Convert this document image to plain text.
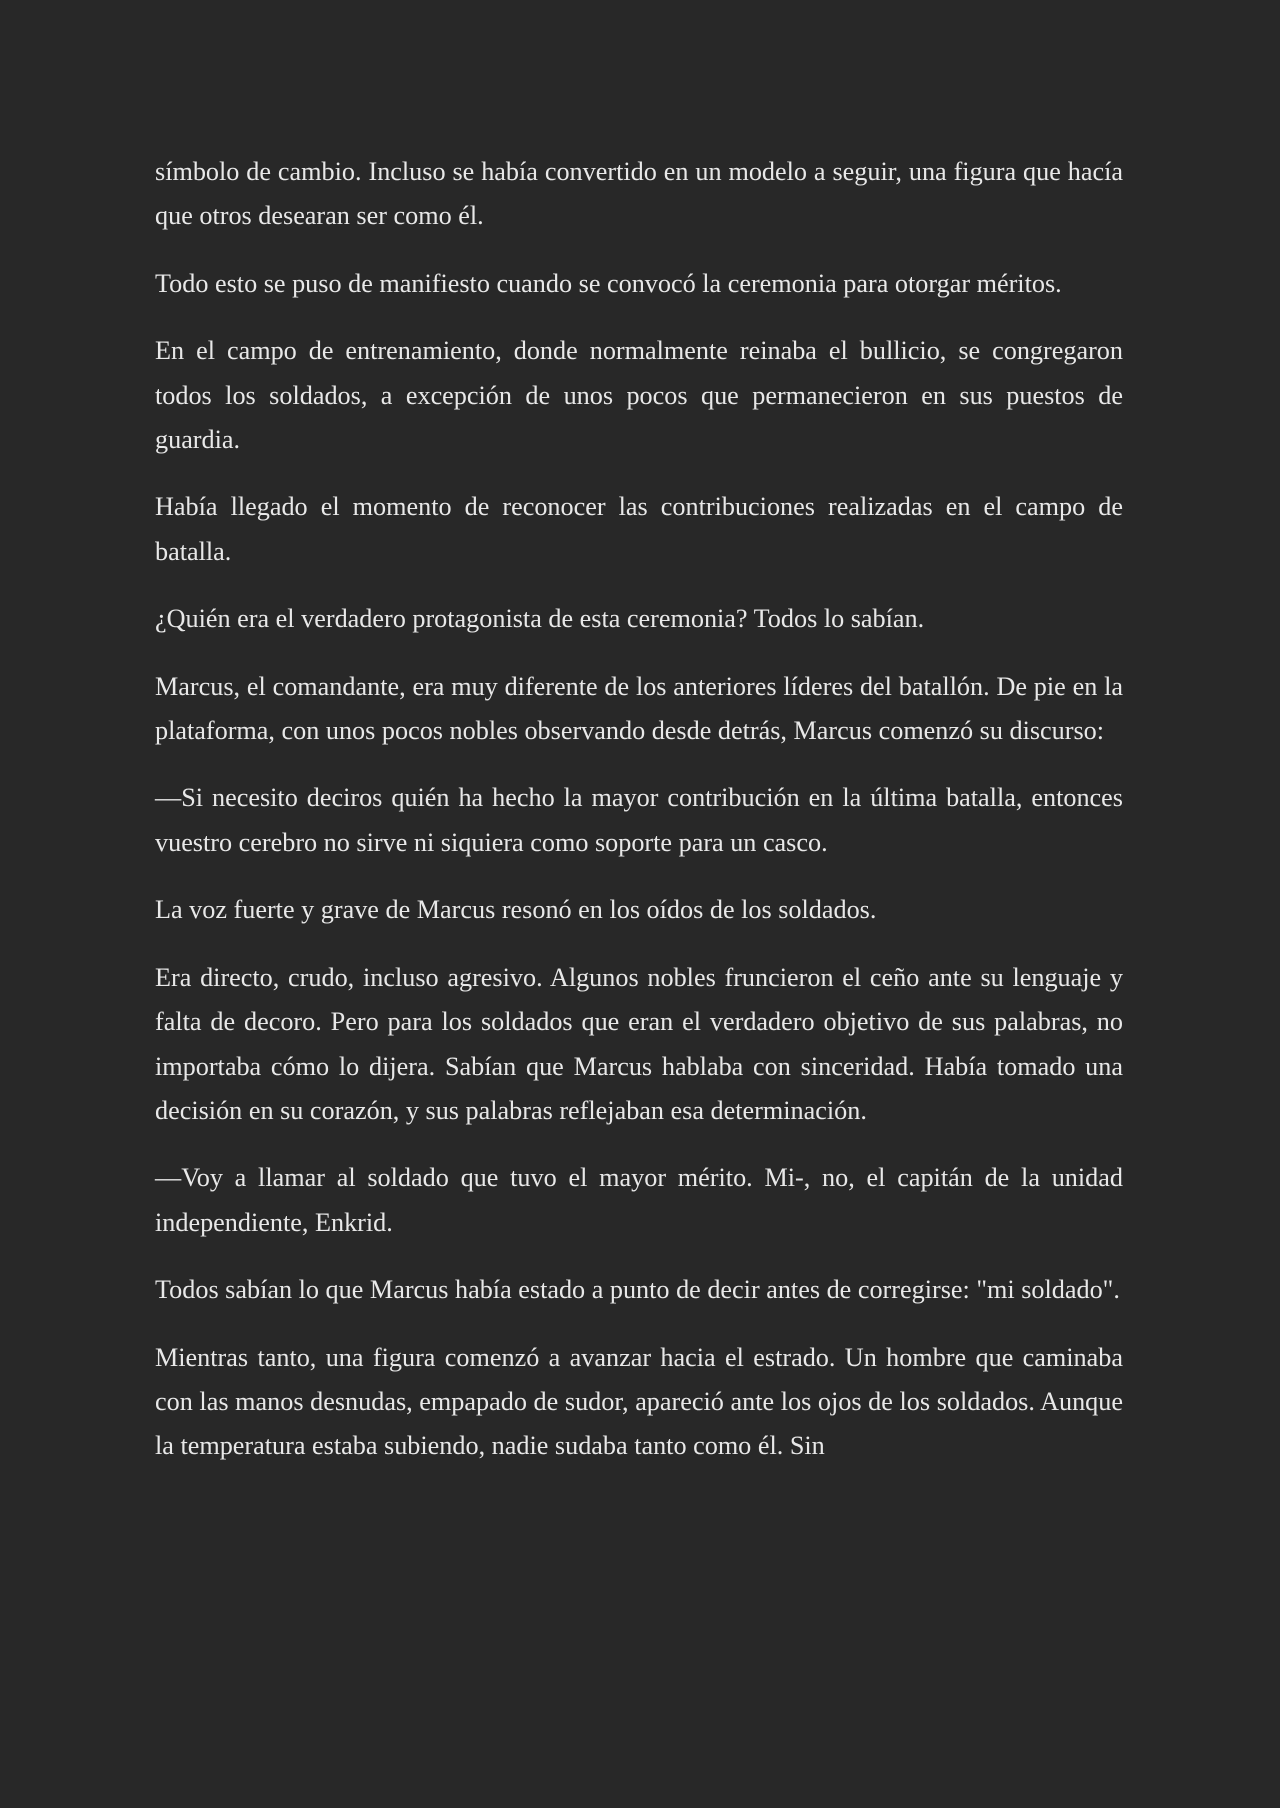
símbolo de cambio. Incluso se había convertido en un modelo a seguir, una figura que hacía que otros desearan ser como él.

Todo esto se puso de manifiesto cuando se convocó la ceremonia para otorgar méritos.

En el campo de entrenamiento, donde normalmente reinaba el bullicio, se congregaron todos los soldados, a excepción de unos pocos que permanecieron en sus puestos de guardia.

Había llegado el momento de reconocer las contribuciones realizadas en el campo de batalla.

¿Quién era el verdadero protagonista de esta ceremonia? Todos lo sabían.

Marcus, el comandante, era muy diferente de los anteriores líderes del batallón. De pie en la plataforma, con unos pocos nobles observando desde detrás, Marcus comenzó su discurso:

—Si necesito deciros quién ha hecho la mayor contribución en la última batalla, entonces vuestro cerebro no sirve ni siquiera como soporte para un casco.

La voz fuerte y grave de Marcus resonó en los oídos de los soldados.

Era directo, crudo, incluso agresivo. Algunos nobles fruncieron el ceño ante su lenguaje y falta de decoro. Pero para los soldados que eran el verdadero objetivo de sus palabras, no importaba cómo lo dijera. Sabían que Marcus hablaba con sinceridad. Había tomado una decisión en su corazón, y sus palabras reflejaban esa determinación.

—Voy a llamar al soldado que tuvo el mayor mérito. Mi-, no, el capitán de la unidad independiente, Enkrid.

Todos sabían lo que Marcus había estado a punto de decir antes de corregirse: "mi soldado".

Mientras tanto, una figura comenzó a avanzar hacia el estrado. Un hombre que caminaba con las manos desnudas, empapado de sudor, apareció ante los ojos de los soldados. Aunque la temperatura estaba subiendo, nadie sudaba tanto como él. Sin
